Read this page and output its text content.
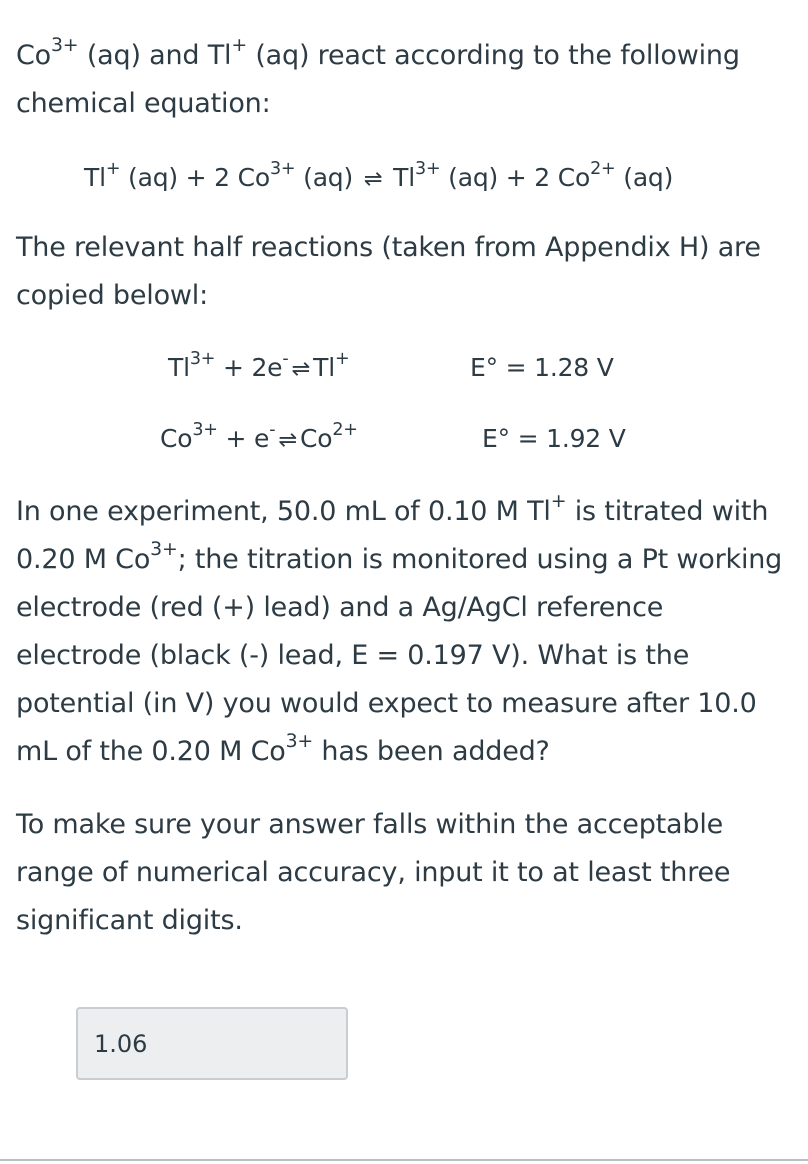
$Co^{3+}$ (aq) and Tl+ (aq) react according to the following chemical equation:

Tl+ (aq) + 2 $Co^{3+}$ (aq) ⇌ $Tl^{3+}$ (aq) + 2 $Co^{2+}$ (aq)

The relevant half reactions (taken from Appendix H) are copied belowl:

$Tl^{3+} + 2e^-$ ⇌ Tl+	E° = 1.28 V
$Co^{3+} + e^-$ ⇌ $Co^{2+}$	E° = 1.92 V

In one experiment, 50.0 mL of 0.10 M Tl+ is titrated with 0.20 M $Co^{3+}$; the titration is monitored using a Pt working electrode (red (+) lead) and a Ag/AgCl reference electrode (black (-) lead, E = 0.197 V). What is the potential (in V) you would expect to measure after 10.0 mL of the 0.20 M $Co^{3+}$ has been added?

To make sure your answer falls within the acceptable range of numerical accuracy, input it to at least three significant digits.

1.06
